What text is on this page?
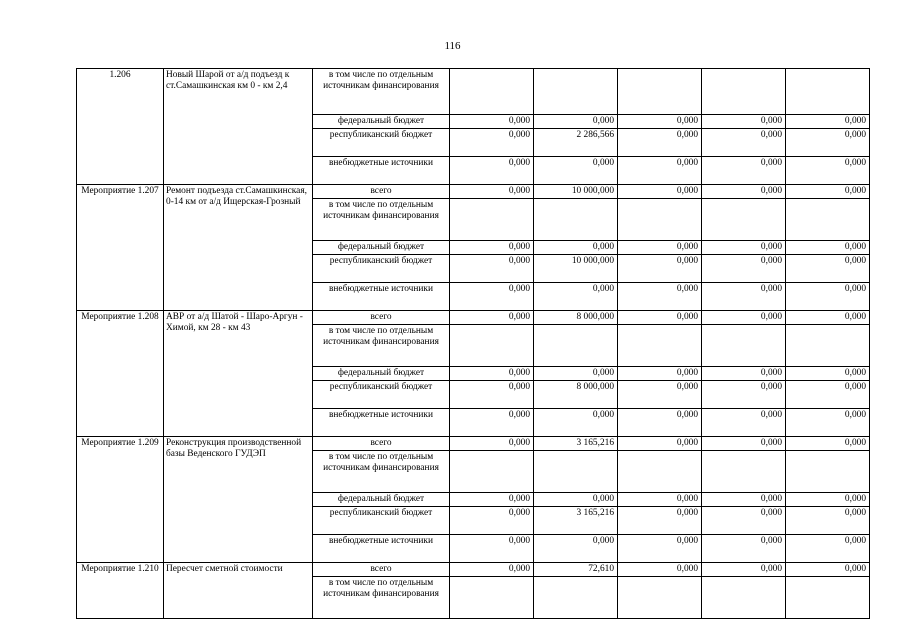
116
1.206	Новый Шарой от а/д подъезд к ст.Самашкинская км 0 - км 2,4	в том числе по отдельным источникам финансирования					
		федеральный бюджет	0,000	0,000	0,000	0,000	0,000
		республиканский бюджет	0,000	2 286,566	0,000	0,000	0,000
		внебюджетные источники	0,000	0,000	0,000	0,000	0,000
Мероприятие 1.207	Ремонт подъезда ст.Самашкинская, 0-14 км от а/д Ищерская-Грозный	всего	0,000	10 000,000	0,000	0,000	0,000
		в том числе по отдельным источникам финансирования					
		федеральный бюджет	0,000	0,000	0,000	0,000	0,000
		республиканский бюджет	0,000	10 000,000	0,000	0,000	0,000
		внебюджетные источники	0,000	0,000	0,000	0,000	0,000
Мероприятие 1.208	АВР от а/д Шатой - Шаро-Аргун - Химой, км 28 - км 43	всего	0,000	8 000,000	0,000	0,000	0,000
		в том числе по отдельным источникам финансирования					
		федеральный бюджет	0,000	0,000	0,000	0,000	0,000
		республиканский бюджет	0,000	8 000,000	0,000	0,000	0,000
		внебюджетные источники	0,000	0,000	0,000	0,000	0,000
Мероприятие 1.209	Реконструкция производственной базы Веденского ГУДЭП	всего	0,000	3 165,216	0,000	0,000	0,000
		в том числе по отдельным источникам финансирования					
		федеральный бюджет	0,000	0,000	0,000	0,000	0,000
		республиканский бюджет	0,000	3 165,216	0,000	0,000	0,000
		внебюджетные источники	0,000	0,000	0,000	0,000	0,000
Мероприятие 1.210	Пересчет сметной стоимости	всего	0,000	72,610	0,000	0,000	0,000
		в том числе по отдельным источникам финансирования					
